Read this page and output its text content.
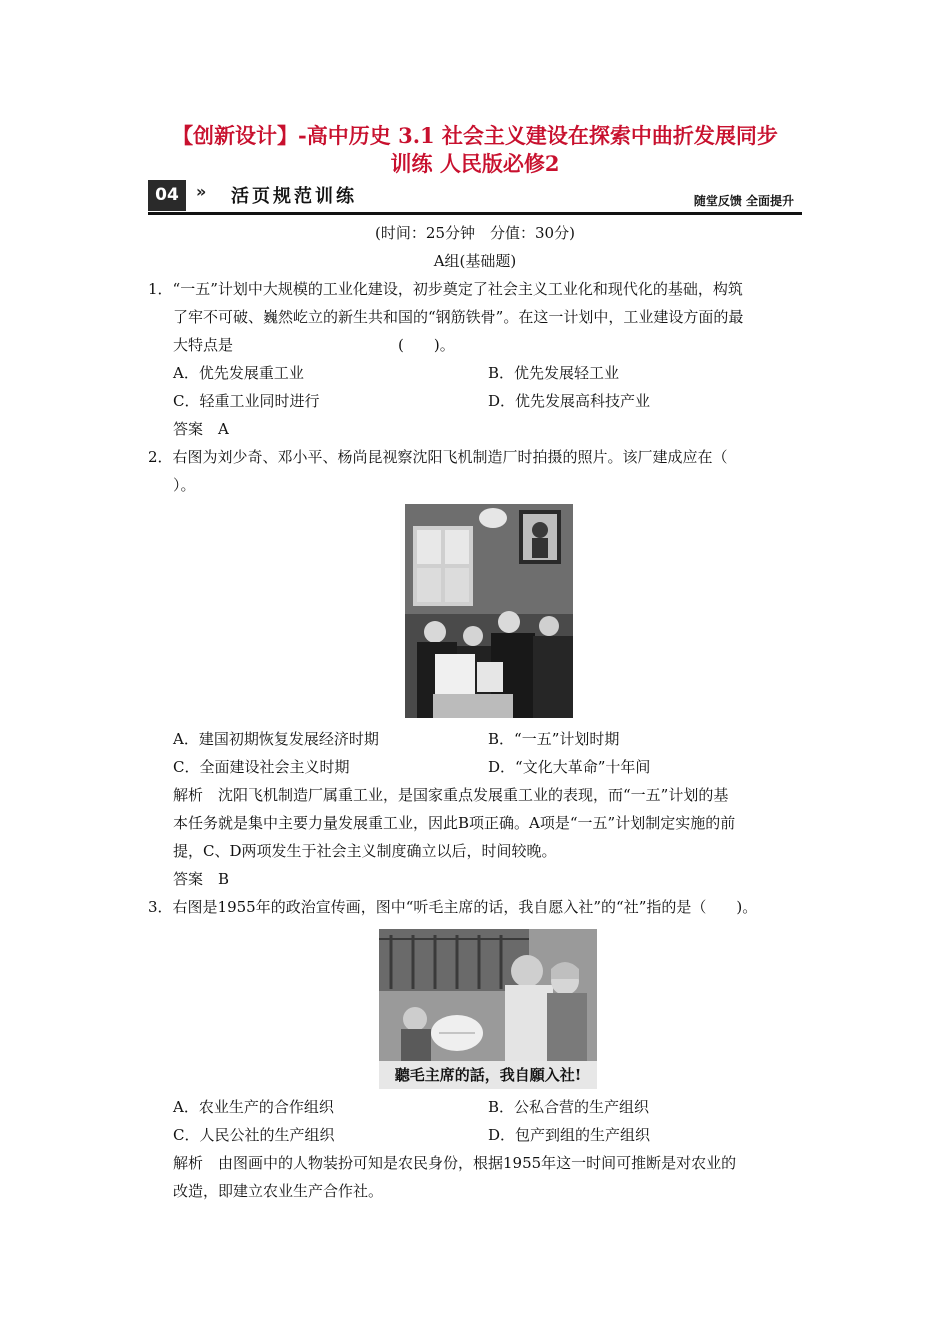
【创新设计】-高中历史 3.1 社会主义建设在探索中曲折发展同步
训练 人民版必修2
04	» 活页规范训练	随堂反馈 全面提升
(时间：25分钟　分值：30分)
A组(基础题)
1．“一五”计划中大规模的工业化建设，初步奠定了社会主义工业化和现代化的基础，构筑
了牢不可破、巍然屹立的新生共和国的“钢筋铁骨”。在这一计划中，工业建设方面的最
大特点是　　　　　　　　　　　(　　)。
A．优先发展重工业	B．优先发展轻工业
C．轻重工业同时进行	D．优先发展高科技产业
答案　A
2．右图为刘少奇、邓小平、杨尚昆视察沈阳飞机制造厂时拍摄的照片。该厂建成应在（
）。
A．建国初期恢复发展经济时期	B．“一五”计划时期
C．全面建设社会主义时期	D．“文化大革命”十年间
解析　沈阳飞机制造厂属重工业，是国家重点发展重工业的表现，而“一五”计划的基
本任务就是集中主要力量发展重工业，因此B项正确。A项是“一五”计划制定实施的前
提，C、D两项发生于社会主义制度确立以后，时间较晚。
答案　B
3．右图是1955年的政治宣传画，图中“听毛主席的话，我自愿入社”的“社”指的是（　　)。
聽毛主席的話，我自願入社!
A．农业生产的合作组织	B．公私合营的生产组织
C．人民公社的生产组织	D．包产到组的生产组织
解析　由图画中的人物装扮可知是农民身份，根据1955年这一时间可推断是对农业的
改造，即建立农业生产合作社。
